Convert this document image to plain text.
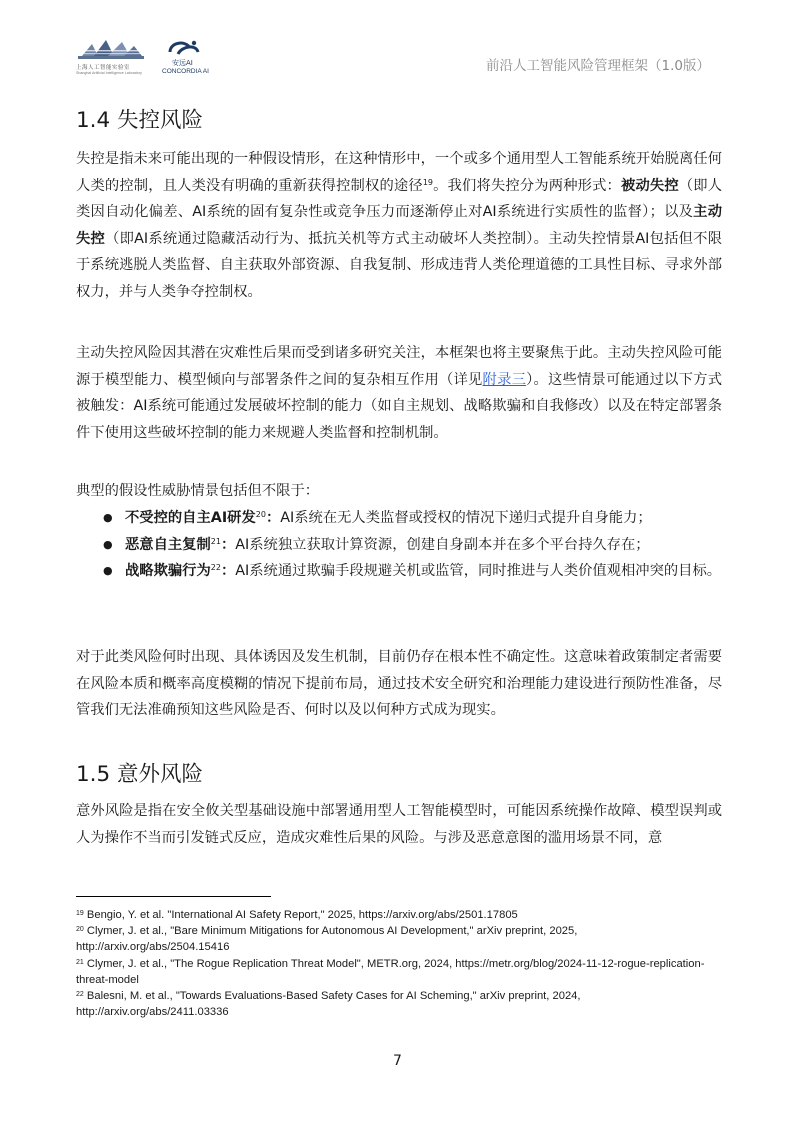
上海人工智能实验室
Shanghai Artificial Intelligence Laboratory
安远AI
CONCORDIA AI	前沿人工智能风险管理框架（1.0版）
1.4 失控风险

失控是指未来可能出现的一种假设情形，在这种情形中，一个或多个通用型人工智能系统开始脱离任何人类的控制，且人类没有明确的重新获得控制权的途径$^{19}$。我们将失控分为两种形式：被动失控（即人类因自动化偏差、AI系统的固有复杂性或竞争压力而逐渐停止对AI系统进行实质性的监督）；以及主动失控（即AI系统通过隐藏活动行为、抵抗关机等方式主动破坏人类控制）。主动失控情景AI包括但不限于系统逃脱人类监督、自主获取外部资源、自我复制、形成违背人类伦理道德的工具性目标、寻求外部权力，并与人类争夺控制权。

主动失控风险因其潜在灾难性后果而受到诸多研究关注，本框架也将主要聚焦于此。主动失控风险可能源于模型能力、模型倾向与部署条件之间的复杂相互作用（详见附录三）。这些情景可能通过以下方式被触发：AI系统可能通过发展破坏控制的能力（如自主规划、战略欺骗和自我修改）以及在特定部署条件下使用这些破坏控制的能力来规避人类监督和控制机制。

典型的假设性威胁情景包括但不限于：

● 不受控的自主AI研发$^{20}$：AI系统在无人类监督或授权的情况下递归式提升自身能力；
● 恶意自主复制$^{21}$：AI系统独立获取计算资源，创建自身副本并在多个平台持久存在；
● 战略欺骗行为$^{22}$：AI系统通过欺骗手段规避关机或监管，同时推进与人类价值观相冲突的目标。

对于此类风险何时出现、具体诱因及发生机制，目前仍存在根本性不确定性。这意味着政策制定者需要在风险本质和概率高度模糊的情况下提前布局，通过技术安全研究和治理能力建设进行预防性准备，尽管我们无法准确预知这些风险是否、何时以及以何种方式成为现实。

1.5 意外风险

意外风险是指在安全攸关型基础设施中部署通用型人工智能模型时，可能因系统操作故障、模型误判或人为操作不当而引发链式反应，造成灾难性后果的风险。与涉及恶意意图的滥用场景不同，意

$^{19}$ Bengio, Y. et al. "International AI Safety Report," 2025, https://arxiv.org/abs/2501.17805
$^{20}$ Clymer, J. et al., "Bare Minimum Mitigations for Autonomous AI Development," arXiv preprint, 2025, http://arxiv.org/abs/2504.15416
$^{21}$ Clymer, J. et al., "The Rogue Replication Threat Model", METR.org, 2024, https://metr.org/blog/2024-11-12-rogue-replication-threat-model
$^{22}$ Balesni, M. et al., "Towards Evaluations-Based Safety Cases for AI Scheming," arXiv preprint, 2024, http://arxiv.org/abs/2411.03336
7
